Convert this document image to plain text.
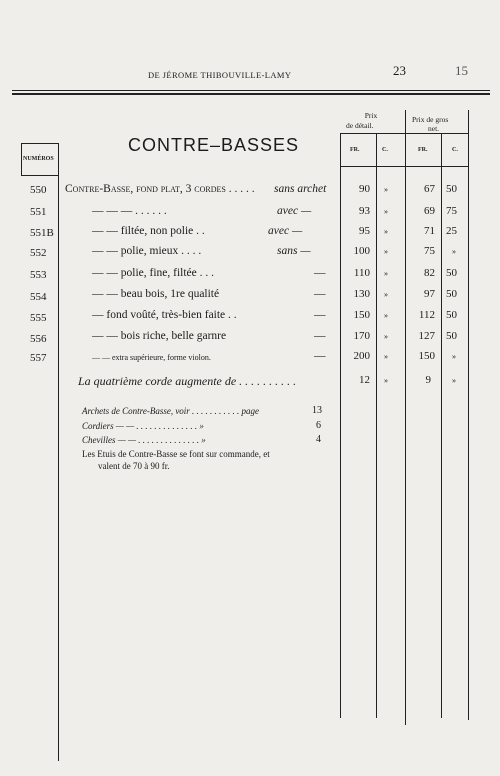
DE JÉROME THIBOUVILLE-LAMY	23	15
Prix
de détail.
Prix de gros
net.
NUMÉROS
CONTRE–BASSES	FR.	C.	FR.	C.
550 Contre-Basse, fond plat, 3 cordes . . . . . sans archet	90 »	67 50
551	— — — . . . . . .	avec —	93 »	69 75
551B	— — filtée, non polie . .	avec —	95 »	71 25
552	— — polie, mieux . . . .	sans —	100 »	75 »
553	— — polie, fine, filtée . . .	—	110 »	82 50
554	— — beau bois, 1re qualité	—	130 »	97 50
555	— fond voûté, très-bien faite . .	—	150 »	112 50
556	— — bois riche, belle garnre	—	170 »	127 50
557	— — extra supérieure, forme violon.	—	200 »	150 »
La quatrième corde augmente de . . . . . . . . . .	12 »	9	»
Archets de Contre-Basse, voir . . . . . . . . . . . page	13
Cordiers — — . . . . . . . . . . . . . . »	6
Chevilles — — . . . . . . . . . . . . . . »	4
Les Etuis de Contre-Basse se font sur commande, et
valent de 70 à 90 fr.
